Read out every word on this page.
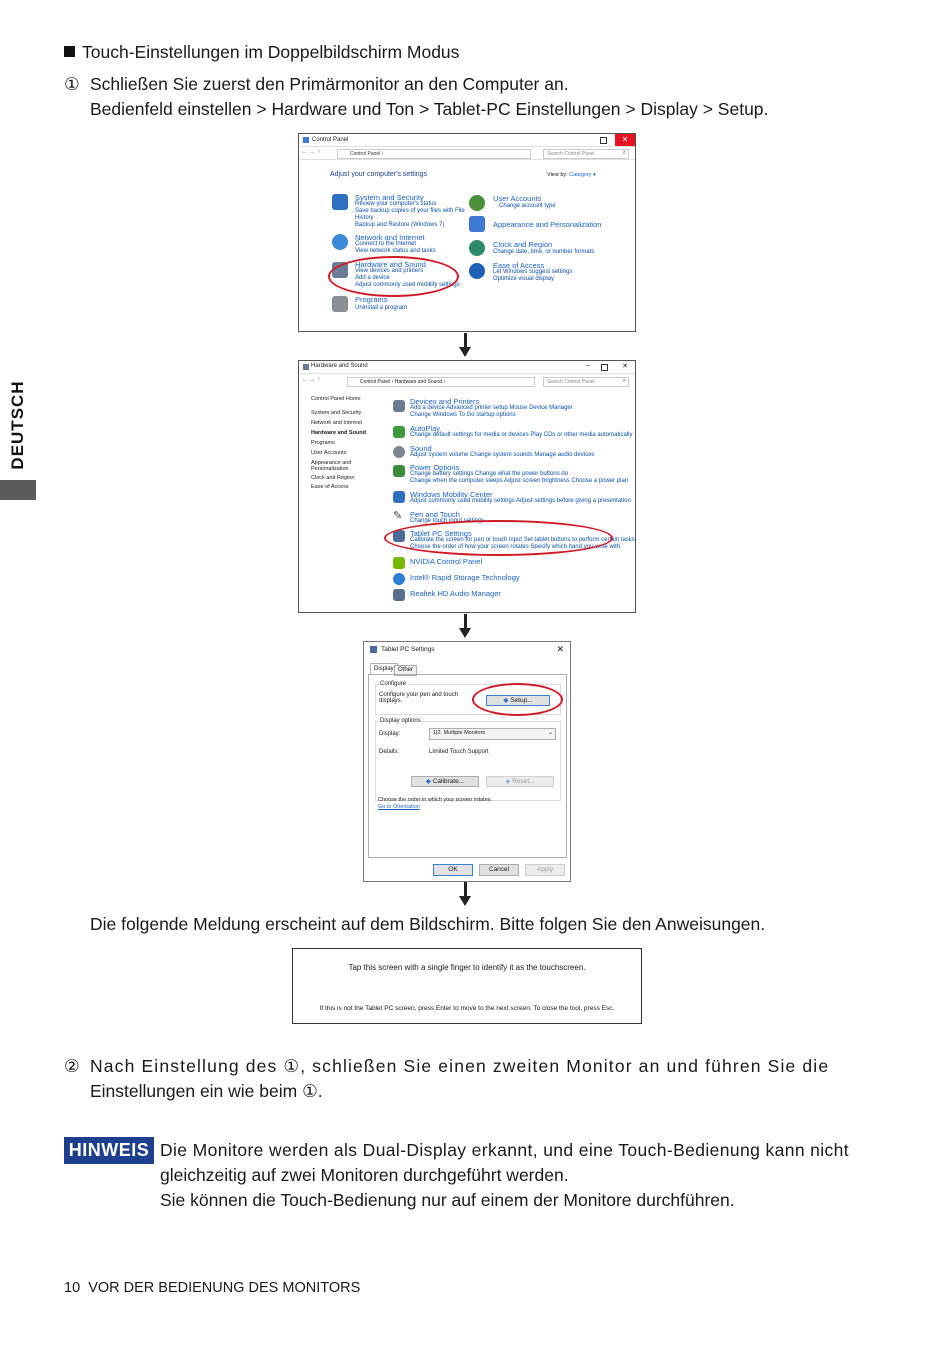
Touch-Einstellungen im Doppelbildschirm Modus
① Schließen Sie zuerst den Primärmonitor an den Computer an.
Bedienfeld einstellen > Hardware und Ton > Tablet-PC Einstellungen > Display > Setup.
DEUTSCH
Control Panel	✕
← → ↑	Control Panel ›	Search Control Panel	⌕
Adjust your computer's settings	View by: Category ▾
System and Security
Review your computer's status
Save backup copies of your files with File
History
Backup and Restore (Windows 7)
Network and Internet
Connect to the Internet
View network status and tasks
Hardware and Sound
View devices and printers
Add a device
Adjust commonly used mobility settings
Programs
Uninstall a program
User Accounts
Change account type
Appearance and Personalization
Clock and Region
Change date, time, or number formats
Ease of Access
Let Windows suggest settings
Optimize visual display
Hardware and Sound	–	✕
← → ↑	Control Panel › Hardware and Sound ›	Search Control Panel	⌕
Control Panel Home
System and Security
Network and Internet
Hardware and Sound
Programs
User Accounts
Appearance and
Personalization
Clock and Region
Ease of Access
Devices and Printers
Add a device Advanced printer setup Mouse Device Manager
Change Windows To Go startup options
AutoPlay
Change default settings for media or devices Play CDs or other media automatically
Sound
Adjust system volume Change system sounds Manage audio devices
Power Options
Change battery settings Change what the power buttons do
Change when the computer sleeps Adjust screen brightness Choose a power plan
Windows Mobility Center
Adjust commonly used mobility settings Adjust settings before giving a presentation
✎ Pen and Touch
Change touch input settings
Tablet PC Settings
Calibrate the screen for pen or touch input Set tablet buttons to perform certain tasks
Choose the order of how your screen rotates Specify which hand you write with
NVIDIA Control Panel
Intel® Rapid Storage Technology
Realtek HD Audio Manager
Tablet PC Settings	✕
Display Other
Configure
Configure your pen and touch
displays.	◆ Setup...
Display options
Display:	1|2. Multiple Monitors	⌄
Details:	Limited Touch Support
◆ Calibrate...	◆ Reset...
Choose the order in which your screen rotates.
Go to Orientation
OK	Cancel	Apply
Die folgende Meldung erscheint auf dem Bildschirm. Bitte folgen Sie den Anweisungen.
Tap this screen with a single finger to identify it as the touchscreen.
If this is not the Tablet PC screen, press Enter to move to the next screen. To close the tool, press Esc.
② Nach Einstellung des ①, schließen Sie einen zweiten Monitor an und führen Sie die
Einstellungen ein wie beim ①.
HINWEIS Die Monitore werden als Dual-Display erkannt, und eine Touch-Bedienung kann nicht
gleichzeitig auf zwei Monitoren durchgeführt werden.
Sie können die Touch-Bedienung nur auf einem der Monitore durchführen.
10 VOR DER BEDIENUNG DES MONITORS
